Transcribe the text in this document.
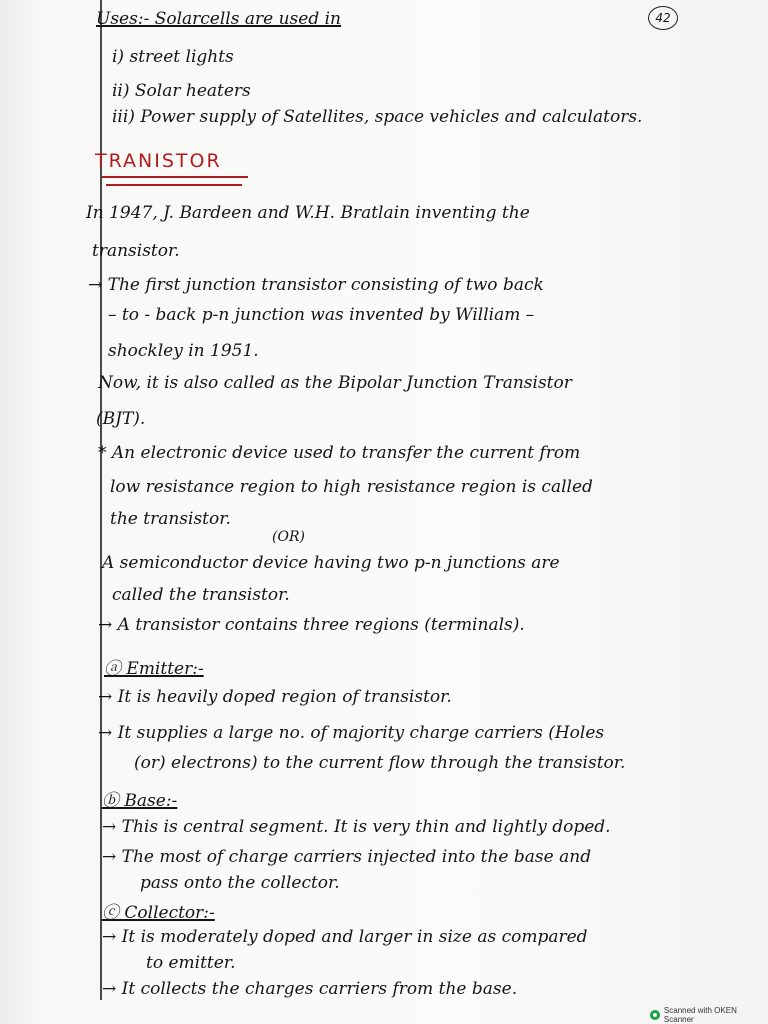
42
Uses:- Solarcells are used in
i) street lights
ii) Solar heaters
iii) Power supply of Satellites, space vehicles and calculators.
TRANISTOR
In 1947, J. Bardeen and W.H. Bratlain inventing the
transistor.
→ The first junction transistor consisting of two back
– to - back p-n junction was invented by William –
shockley in 1951.
Now, it is also called as the Bipolar Junction Transistor
(BJT).
* An electronic device used to transfer the current from
low resistance region to high resistance region is called
the transistor.
(OR)
A semiconductor device having two p-n junctions are
called the transistor.
→ A transistor contains three regions (terminals).
ⓐ Emitter:-
→ It is heavily doped region of transistor.
→ It supplies a large no. of majority charge carriers (Holes
(or) electrons) to the current flow through the transistor.
ⓑ Base:-
→ This is central segment. It is very thin and lightly doped.
→ The most of charge carriers injected into the base and
pass onto the collector.
ⓒ Collector:-
→ It is moderately doped and larger in size as compared
to emitter.
→ It collects the charges carriers from the base.
Scanned with OKEN Scanner
